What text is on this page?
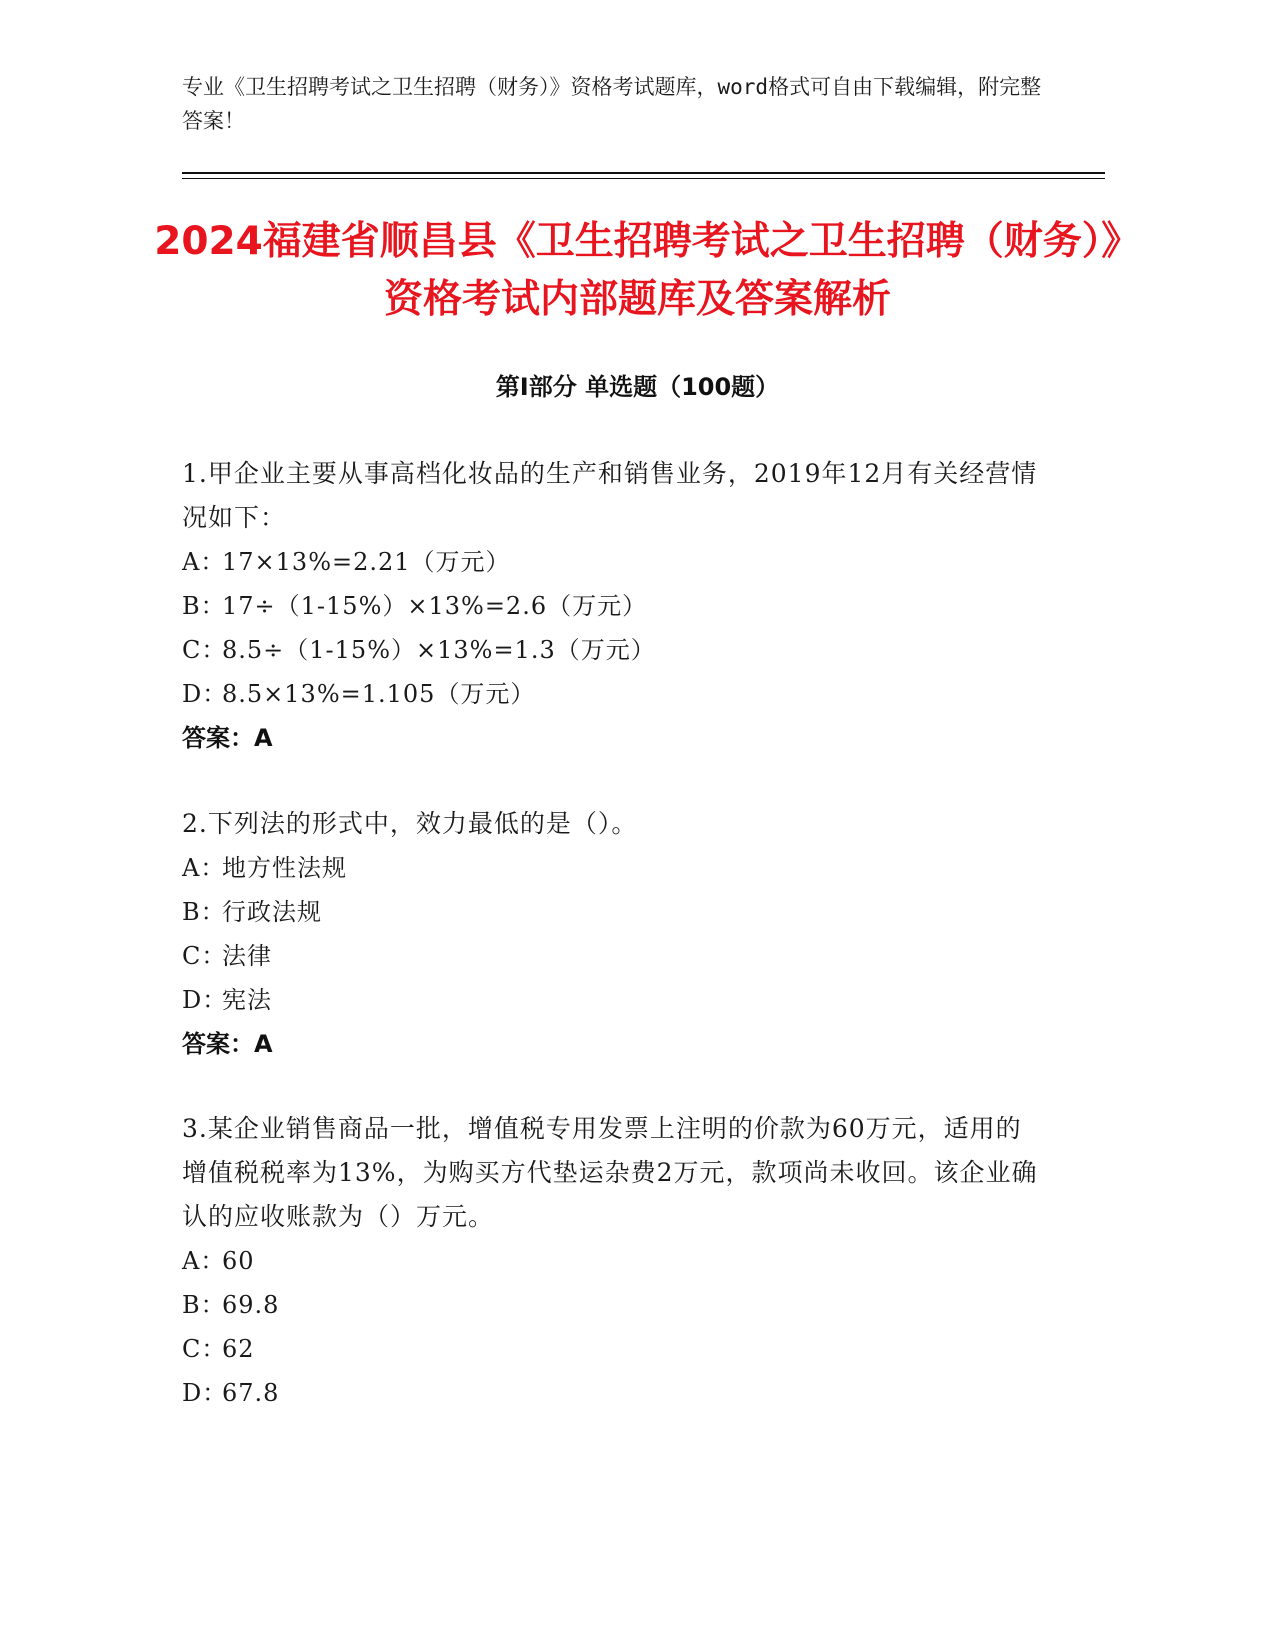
专业《卫生招聘考试之卫生招聘（财务）》资格考试题库，word格式可自由下载编辑，附完整答案！
2024福建省顺昌县《卫生招聘考试之卫生招聘（财务）》资格考试内部题库及答案解析
第Ⅰ部分 单选题（100题）
1.甲企业主要从事高档化妆品的生产和销售业务，2019年12月有关经营情况如下：
A：17×13%=2.21（万元）
B：17÷（1-15%）×13%=2.6（万元）
C：8.5÷（1-15%）×13%=1.3（万元）
D：8.5×13%=1.105（万元）
答案：A
2.下列法的形式中，效力最低的是（）。
A：地方性法规
B：行政法规
C：法律
D：宪法
答案：A
3.某企业销售商品一批，增值税专用发票上注明的价款为60万元，适用的增值税税率为13%，为购买方代垫运杂费2万元，款项尚未收回。该企业确认的应收账款为（）万元。
A：60
B：69.8
C：62
D：67.8
